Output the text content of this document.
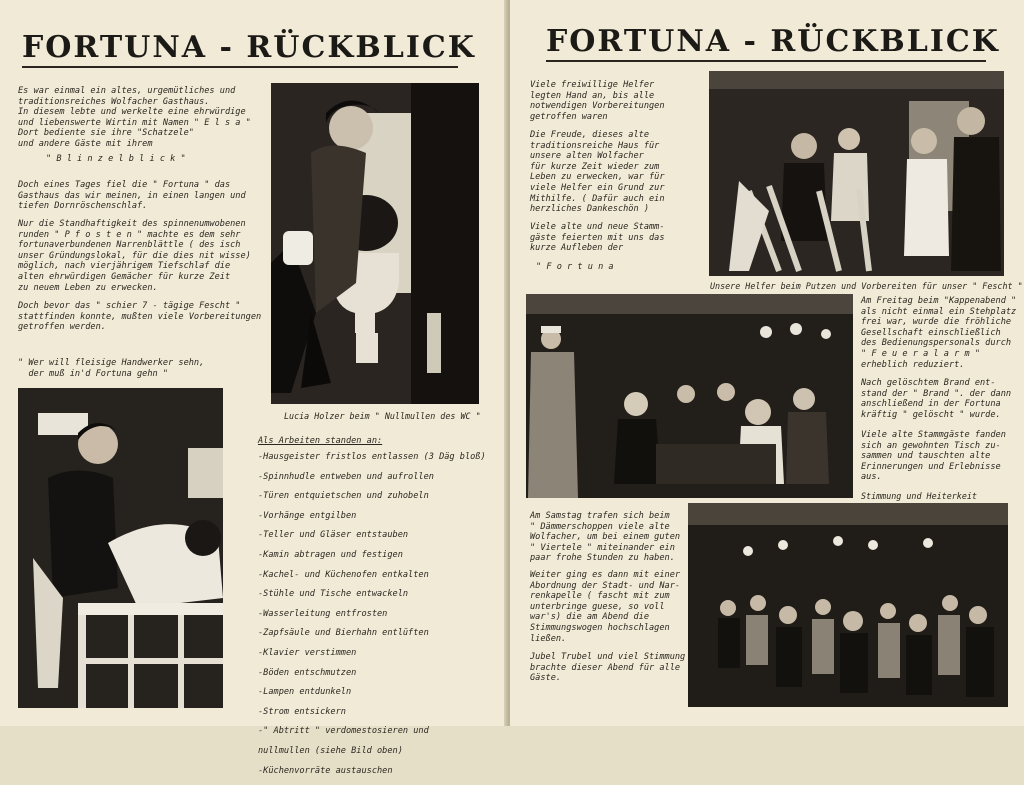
FORTUNA - RÜCKBLICK
Es war einmal ein altes, urgemütliches und
traditionsreiches Wolfacher Gasthaus.
In diesem lebte und werkelte eine ehrwürdige
und liebenswerte Wirtin mit Namen " E l s a "
Dort bediente sie ihre "Schatzele"
und andere Gäste mit ihrem
" B l i n z e l b l i c k "
Doch eines Tages fiel die " Fortuna " das
Gasthaus das wir meinen, in einen langen und
tiefen Dornröschenschlaf.
Nur die Standhaftigkeit des spinnenumwobenen
runden " P f o s t e n " machte es dem sehr
fortunaverbundenen Narrenblättle ( des isch
unser Gründungslokal, für die dies nit wisse)
möglich, nach vierjährigem Tiefschlaf die
alten ehrwürdigen Gemächer für kurze Zeit
zu neuem Leben zu erwecken.
Doch bevor das " schier 7 - tägige Fescht "
stattfinden konnte, mußten viele Vorbereitungen
getroffen werden.
" Wer will fleisige Handwerker sehn,
der muß in'd Fortuna gehn "
Lucia Holzer beim " Nullmullen des WC "
Als Arbeiten standen an:
-Hausgeister fristlos entlassen (3 Däg bloß)
-Spinnhudle entweben und aufrollen
-Türen entquietschen und zuhobeln
-Vorhänge entgilben
-Teller und Gläser entstauben
-Kamin abtragen und festigen
-Kachel- und Küchenofen entkalten
-Stühle und Tische entwackeln
-Wasserleitung entfrosten
-Zapfsäule und Bierhahn entlüften
-Klavier verstimmen
-Böden entschmutzen
-Lampen entdunkeln
-Strom entsickern
-" Abtritt " verdomestosieren und
nullmullen (siehe Bild oben)
-Küchenvorräte austauschen
FORTUNA - RÜCKBLICK
Viele freiwillige Helfer
legten Hand an, bis alle
notwendigen Vorbereitungen
getroffen waren
Die Freude, dieses alte
traditionsreiche Haus für
unsere alten Wolfacher
für kurze Zeit wieder zum
Leben zu erwecken, war für
viele Helfer ein Grund zur
Mithilfe. ( Dafür auch ein
herzliches Dankeschön )
Viele alte und neue Stamm-
gäste feierten mit uns das
kurze Aufleben der
" F o r t u n a
Unsere Helfer beim Putzen und Vorbereiten für unser " Fescht "
Am Freitag beim "Kappenabend "
als nicht einmal ein Stehplatz
frei war, wurde die fröhliche
Gesellschaft einschließlich
des Bedienungspersonals durch
" F e u e r a l a r m "
erheblich reduziert.
Nach gelöschtem Brand ent-
stand der " Brand ". der dann
anschließend in der Fortuna
kräftig " gelöscht " wurde.
Viele alte Stammgäste fanden
sich an gewohnten Tisch zu-
sammen und tauschten alte
Erinnerungen und Erlebnisse
aus.
Stimmung und Heiterkeit
Am Samstag trafen sich beim
" Dämmerschoppen viele alte
Wolfacher, um bei einem guten
" Viertele " miteinander ein
paar frohe Stunden zu haben.
Weiter ging es dann mit einer
Abordnung der Stadt- und Nar-
renkapelle ( fascht mit zum
unterbringe guese, so voll
war's) die am Abend die
Stimmungswogen hochschlagen
ließen.
Jubel Trubel und viel Stimmung
brachte dieser Abend für alle
Gäste.
